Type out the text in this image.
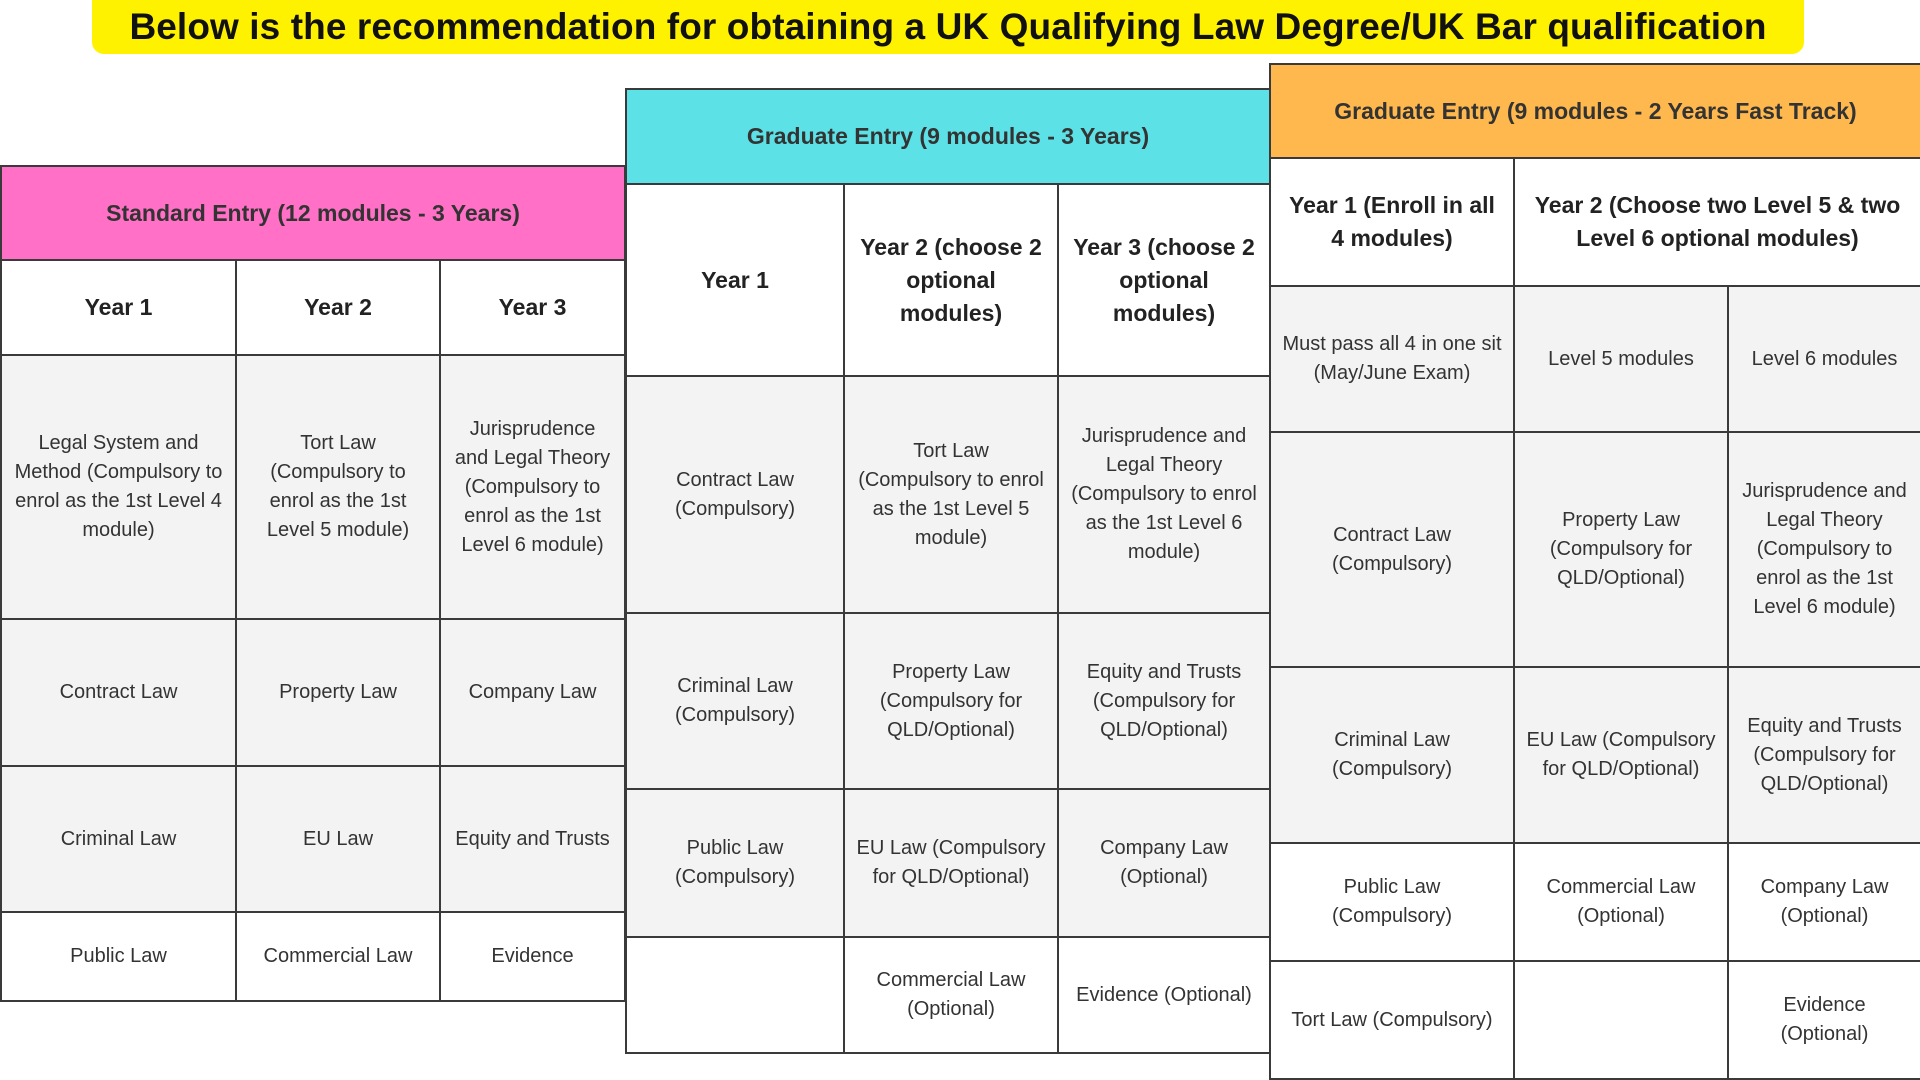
Below is the recommendation for obtaining a UK Qualifying Law Degree/UK Bar qualification
Standard Entry (12 modules - 3 Years)		
Year 1	Year 2	Year 3
Legal System and Method (Compulsory to enrol as the 1st Level 4 module)	Tort Law (Compulsory to enrol as the 1st Level 5 module)	Jurisprudence and Legal Theory (Compulsory to enrol as the 1st Level 6 module)
Contract Law	Property Law	Company Law
Criminal Law	EU Law	Equity and Trusts
Public Law	Commercial Law	Evidence
Graduate Entry (9 modules - 3 Years)		
Year 1	Year 2 (choose 2 optional modules)	Year 3 (choose 2 optional modules)
Contract Law (Compulsory)	Tort Law (Compulsory to enrol as the 1st Level 5 module)	Jurisprudence and Legal Theory (Compulsory to enrol as the 1st Level 6 module)
Criminal Law (Compulsory)	Property Law (Compulsory for QLD/Optional)	Equity and Trusts (Compulsory for QLD/Optional)
Public Law (Compulsory)	EU Law (Compulsory for QLD/Optional)	Company Law (Optional)
	Commercial Law (Optional)	Evidence (Optional)
Graduate Entry (9 modules - 2 Years Fast Track)		
Year 1 (Enroll in all 4 modules)	Year 2 (Choose two Level 5 & two Level 6 optional modules)	
Must pass all 4 in one sit (May/June Exam)	Level 5 modules	Level 6 modules
Contract Law (Compulsory)	Property Law (Compulsory for QLD/Optional)	Jurisprudence and Legal Theory (Compulsory to enrol as the 1st Level 6 module)
Criminal Law (Compulsory)	EU Law (Compulsory for QLD/Optional)	Equity and Trusts (Compulsory for QLD/Optional)
Public Law (Compulsory)	Commercial Law (Optional)	Company Law (Optional)
Tort Law (Compulsory)		Evidence (Optional)
